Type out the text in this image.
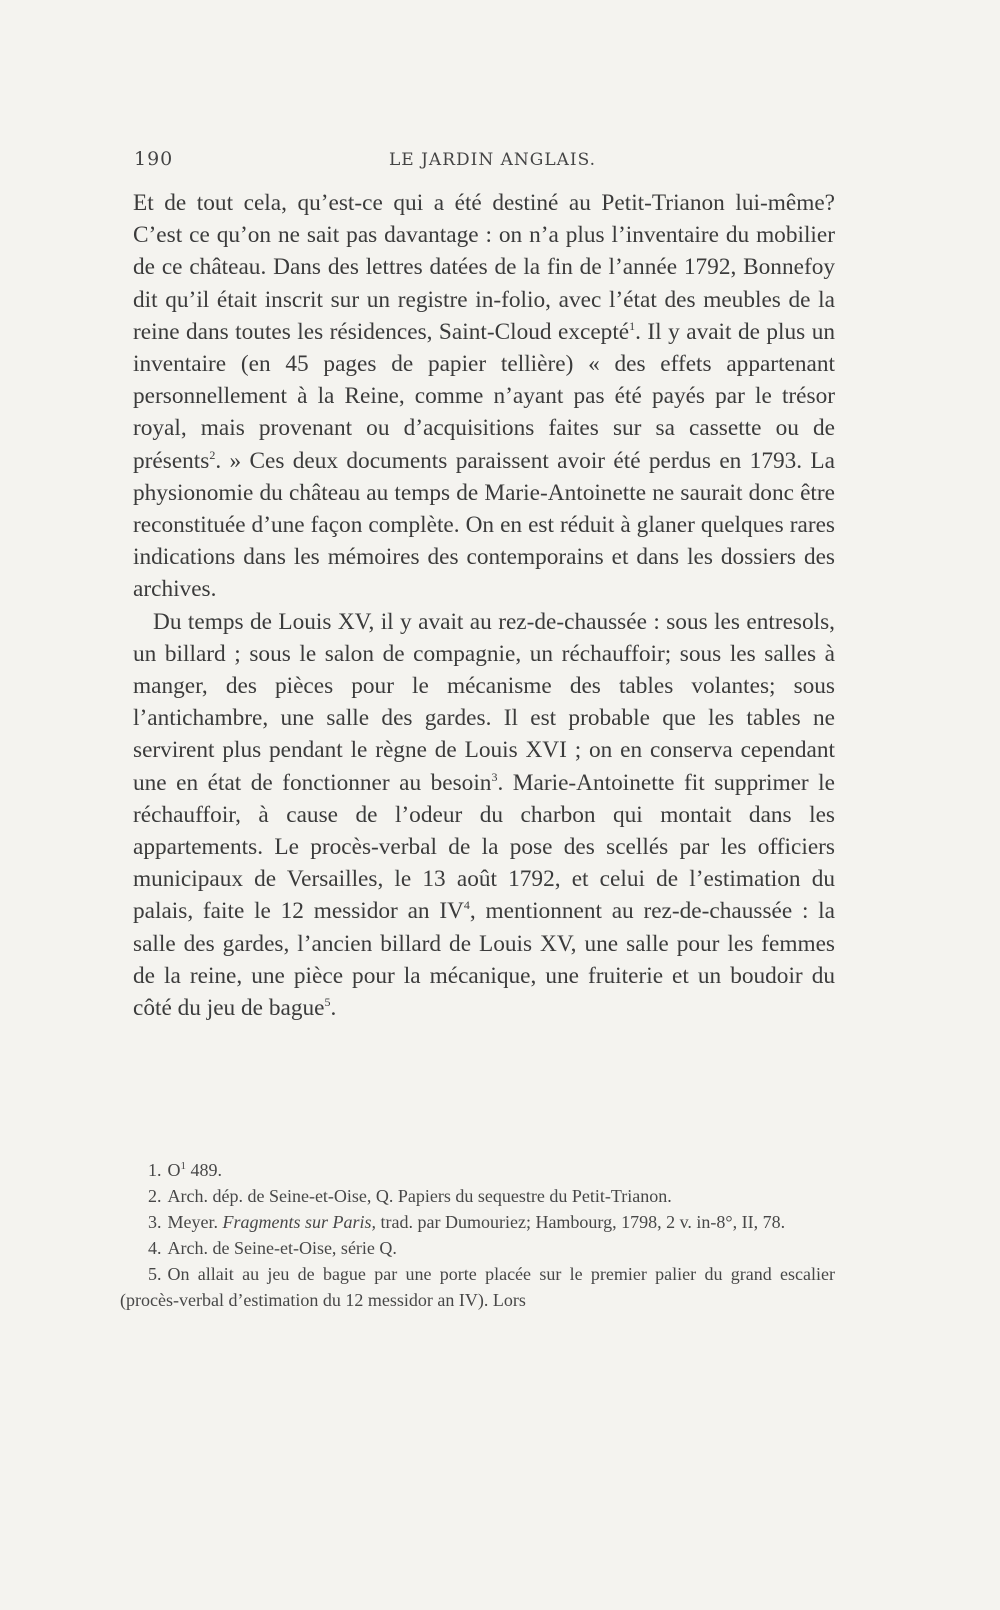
190	LE JARDIN ANGLAIS.

Et de tout cela, qu’est-ce qui a été destiné au Petit-Trianon lui-même? C’est ce qu’on ne sait pas davantage : on n’a plus l’inventaire du mobilier de ce château. Dans des lettres datées de la fin de l’année 1792, Bonnefoy dit qu’il était inscrit sur un registre in-folio, avec l’état des meubles de la reine dans toutes les résidences, Saint-Cloud excepté$^1$. Il y avait de plus un inventaire (en 45 pages de papier tellière) « des effets appartenant personnellement à la Reine, comme n’ayant pas été payés par le trésor royal, mais provenant ou d’acquisitions faites sur sa cassette ou de présents$^2$. » Ces deux documents paraissent avoir été perdus en 1793. La physionomie du château au temps de Marie-Antoinette ne saurait donc être reconstituée d’une façon complète. On en est réduit à glaner quelques rares indications dans les mémoires des contemporains et dans les dossiers des archives.

Du temps de Louis XV, il y avait au rez-de-chaussée : sous les entresols, un billard ; sous le salon de compagnie, un réchauffoir; sous les salles à manger, des pièces pour le mécanisme des tables volantes; sous l’antichambre, une salle des gardes. Il est probable que les tables ne servirent plus pendant le règne de Louis XVI ; on en conserva cependant une en état de fonctionner au besoin$^3$. Marie-Antoinette fit supprimer le réchauffoir, à cause de l’odeur du charbon qui montait dans les appartements. Le procès-verbal de la pose des scellés par les officiers municipaux de Versailles, le 13 août 1792, et celui de l’estimation du palais, faite le 12 messidor an $IV^4$, mentionnent au rez-de-chaussée : la salle des gardes, l’ancien billard de Louis XV, une salle pour les femmes de la reine, une pièce pour la mécanique, une fruiterie et un boudoir du côté du jeu de bague$^5$.

1. $O^1$ 489.

2. Arch. dép. de Seine-et-Oise, Q. Papiers du sequestre du Petit-Trianon.

3. Meyer. Fragments sur Paris, trad. par Dumouriez; Hambourg, 1798, 2 v. in-8°, II, 78.

4. Arch. de Seine-et-Oise, série Q.

5. On allait au jeu de bague par une porte placée sur le premier palier du grand escalier (procès-verbal d’estimation du 12 messidor an IV). Lors
